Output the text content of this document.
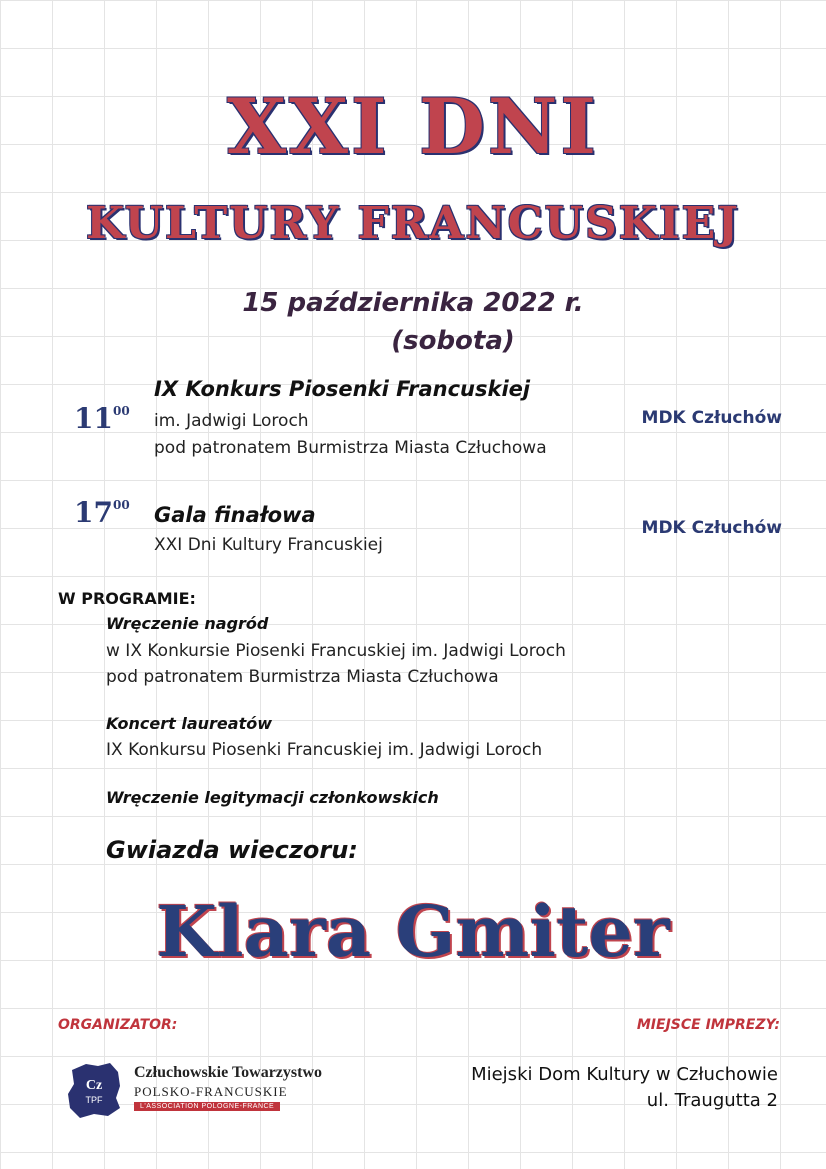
XXI DNI
KULTURY FRANCUSKIEJ
15 października 2022 r.
(sobota)
$11^{00}$
IX Konkurs Piosenki Francuskiej
im. Jadwigi Loroch
pod patronatem Burmistrza Miasta Człuchowa
MDK Człuchów
$17^{00}$ Gala finałowa
XXI Dni Kultury Francuskiej
MDK Człuchów
W PROGRAMIE:
Wręczenie nagród
w IX Konkursie Piosenki Francuskiej im. Jadwigi Loroch
pod patronatem Burmistrza Miasta Człuchowa
Koncert laureatów
IX Konkursu Piosenki Francuskiej im. Jadwigi Loroch
Wręczenie legitymacji członkowskich
Gwiazda wieczoru:
Klara Gmiter
ORGANIZATOR:	MIEJSCE IMPREZY:
Cz
TPF
Człuchowskie Towarzystwo
POLSKO-FRANCUSKIE
L'ASSOCIATION POLOGNE-FRANCE
Miejski Dom Kultury w Człuchowie
ul. Traugutta 2
